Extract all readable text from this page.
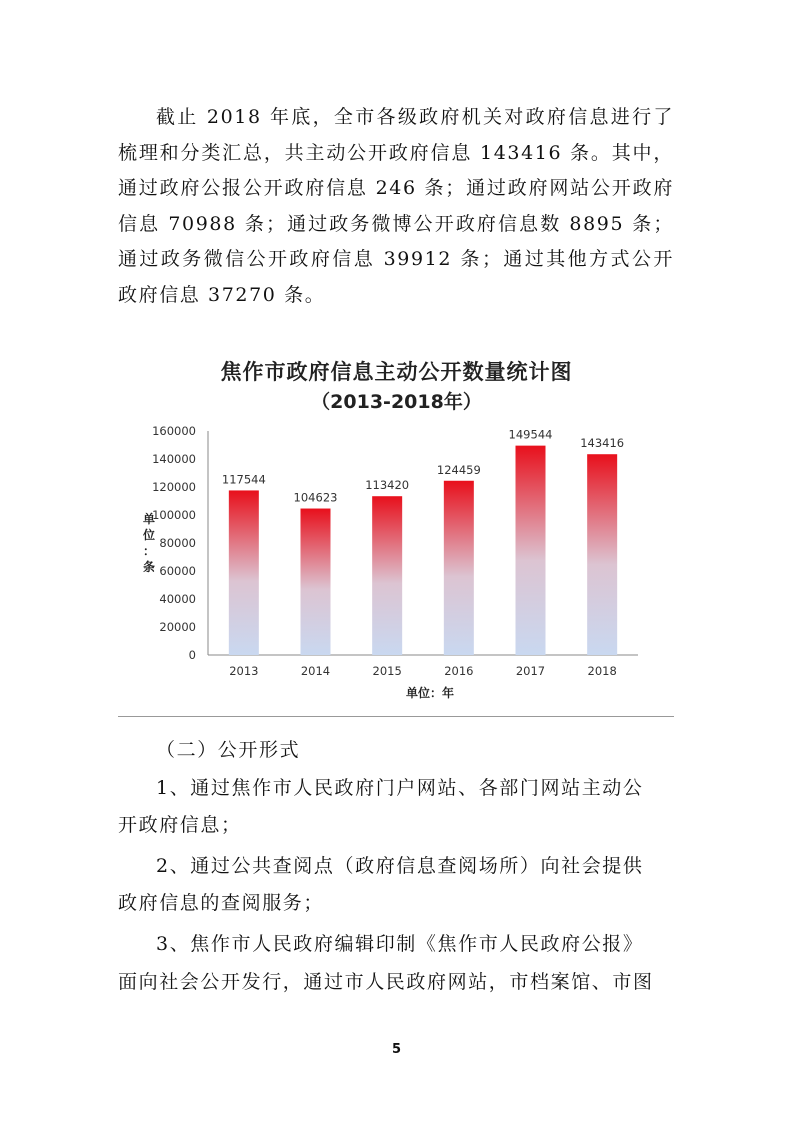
截止 2018 年底，全市各级政府机关对政府信息进行了梳理和分类汇总，共主动公开政府信息 143416 条。其中，通过政府公报公开政府信息 246 条；通过政府网站公开政府信息 70988 条；通过政务微博公开政府信息数 8895 条；通过政务微信公开政府信息 39912 条；通过其他方式公开政府信息 37270 条。

焦作市政府信息主动公开数量统计图
（2013-2018年）
0
20000
40000
60000
80000
100000
120000
140000
160000
单位：条
117544
2013
104623
2014
113420
2015
124459
2016
149544
2017
143416
2018
单位：年

（二）公开形式

1、通过焦作市人民政府门户网站、各部门网站主动公

开政府信息；

2、通过公共查阅点（政府信息查阅场所）向社会提供

政府信息的查阅服务；

3、焦作市人民政府编辑印制《焦作市人民政府公报》

面向社会公开发行，通过市人民政府网站，市档案馆、市图

5
